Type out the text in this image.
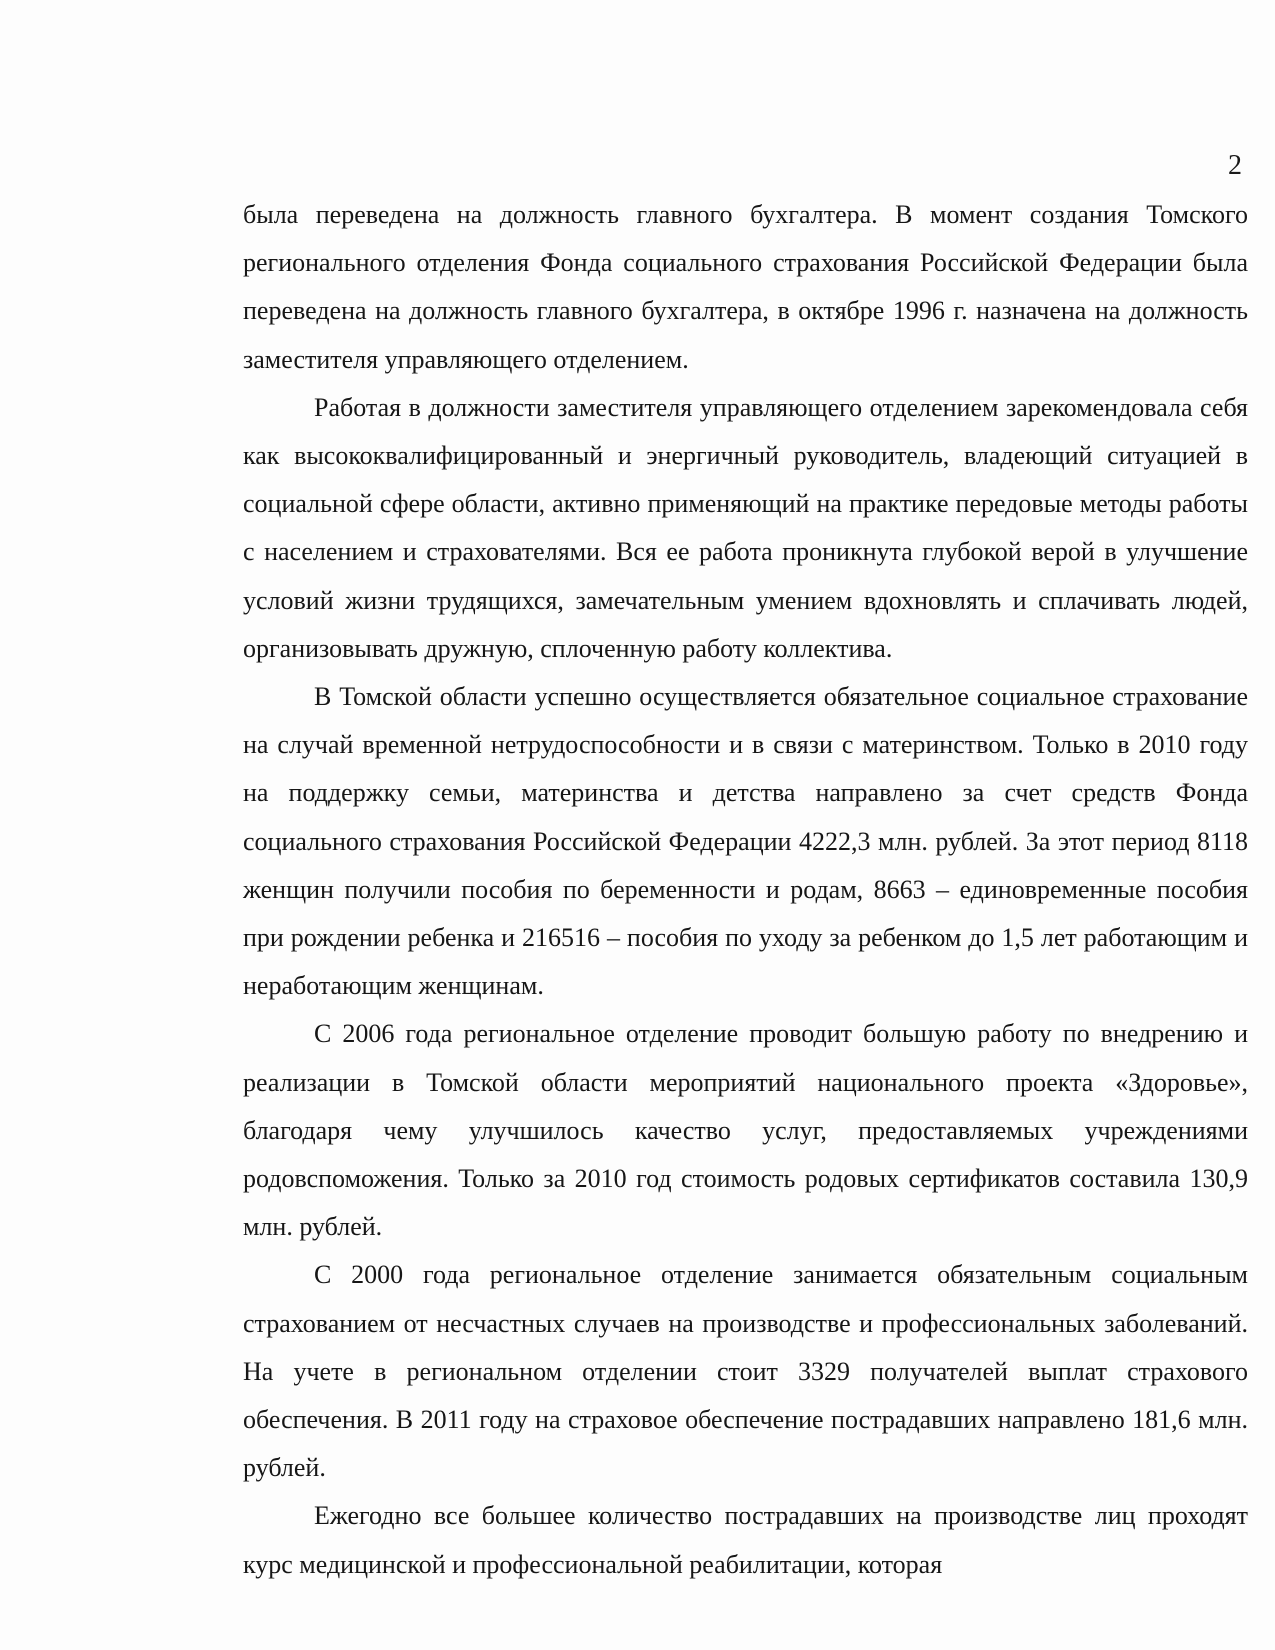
2

была переведена на должность главного бухгалтера. В момент создания Томского регионального отделения Фонда социального страхования Российской Федерации была переведена на должность главного бухгалтера, в октябре 1996 г. назначена на должность заместителя управляющего отделением.

Работая в должности заместителя управляющего отделением зарекомендовала себя как высококвалифицированный и энергичный руководитель, владеющий ситуацией в социальной сфере области, активно применяющий на практике передовые методы работы с населением и страхователями. Вся ее работа проникнута глубокой верой в улучшение условий жизни трудящихся, замечательным умением вдохновлять и сплачивать людей, организовывать дружную, сплоченную работу коллектива.

В Томской области успешно осуществляется обязательное социальное страхование на случай временной нетрудоспособности и в связи с материнством. Только в 2010 году на поддержку семьи, материнства и детства направлено за счет средств Фонда социального страхования Российской Федерации 4222,3 млн. рублей. За этот период 8118 женщин получили пособия по беременности и родам, 8663 – единовременные пособия при рождении ребенка и 216516 – пособия по уходу за ребенком до 1,5 лет работающим и неработающим женщинам.

С 2006 года региональное отделение проводит большую работу по внедрению и реализации в Томской области мероприятий национального проекта «Здоровье», благодаря чему улучшилось качество услуг, предоставляемых учреждениями родовспоможения. Только за 2010 год стоимость родовых сертификатов составила 130,9 млн. рублей.

С 2000 года региональное отделение занимается обязательным социальным страхованием от несчастных случаев на производстве и профессиональных заболеваний. На учете в региональном отделении стоит 3329 получателей выплат страхового обеспечения. В 2011 году на страховое обеспечение пострадавших направлено 181,6 млн. рублей.

Ежегодно все большее количество пострадавших на производстве лиц проходят курс медицинской и профессиональной реабилитации, которая
